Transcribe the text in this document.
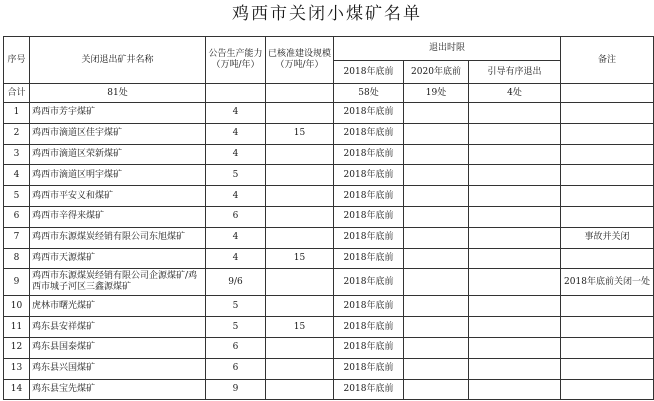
鸡西市关闭小煤矿名单
序号	关闭退出矿井名称	公告生产能力（万吨/年）	已核准建设规模（万吨/年）	退出时限			备注
				2018年底前	2020年底前	引导有序退出	
合计	81处			58处	19处	4处	
1	鸡西市芳宇煤矿	4		2018年底前			
2	鸡西市滴道区佳宇煤矿	4	15	2018年底前			
3	鸡西市滴道区荣新煤矿	4		2018年底前			
4	鸡西市滴道区明宇煤矿	5		2018年底前			
5	鸡西市平安义和煤矿	4		2018年底前			
6	鸡西市辛得来煤矿	6		2018年底前			
7	鸡西市东源煤炭经销有限公司东旭煤矿	4		2018年底前			事故并关闭
8	鸡西市天源煤矿	4	15	2018年底前			
9	鸡西市东源煤炭经销有限公司企源煤矿/鸡西市城子河区三鑫源煤矿	9/6		2018年底前			2018年底前关闭一处
10	虎林市曙光煤矿	5		2018年底前			
11	鸡东县安祥煤矿	5	15	2018年底前			
12	鸡东县国泰煤矿	6		2018年底前			
13	鸡东县兴国煤矿	6		2018年底前			
14	鸡东县宝先煤矿	9		2018年底前			
